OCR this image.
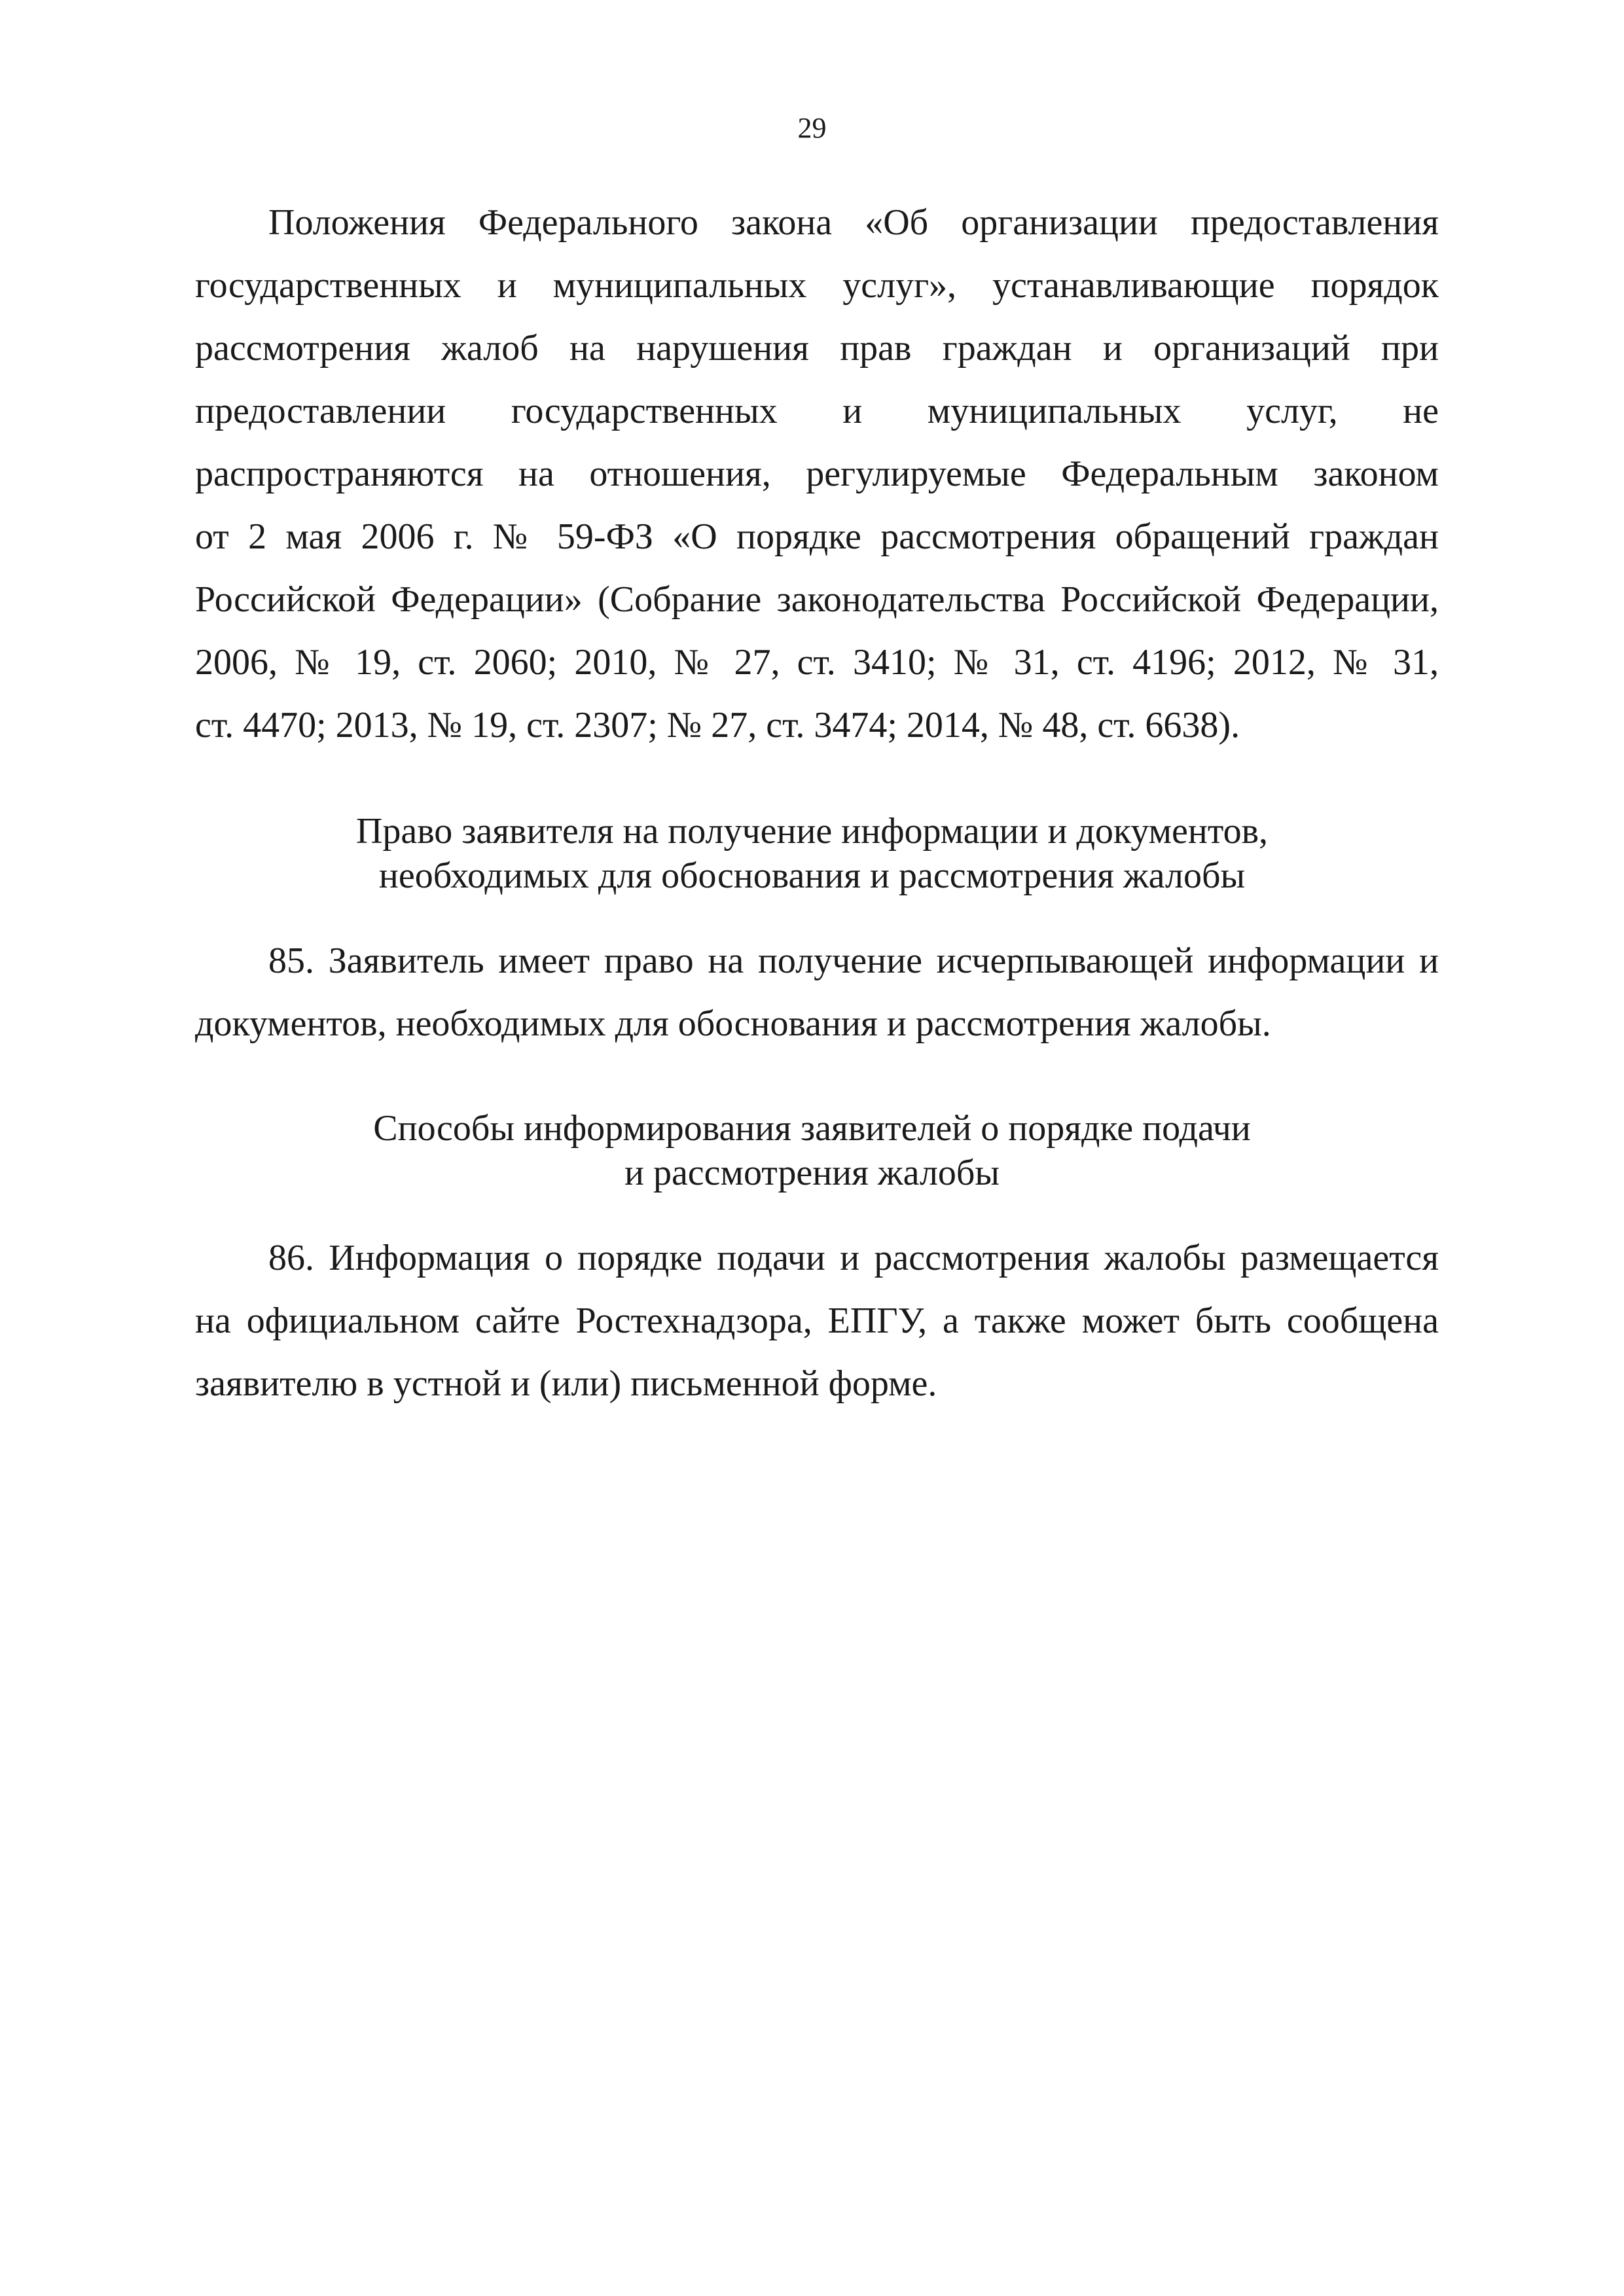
29
Положения Федерального закона «Об организации предоставления
государственных и муниципальных услуг», устанавливающие порядок
рассмотрения жалоб на нарушения прав граждан и организаций при
предоставлении государственных и муниципальных услуг, не
распространяются на отношения, регулируемые Федеральным законом
от 2 мая 2006 г. № 59-ФЗ «О порядке рассмотрения обращений граждан
Российской Федерации» (Собрание законодательства Российской Федерации,
2006, № 19, ст. 2060; 2010, № 27, ст. 3410; № 31, ст. 4196; 2012, № 31,
ст. 4470; 2013, № 19, ст. 2307; № 27, ст. 3474; 2014, № 48, ст. 6638).
Право заявителя на получение информации и документов,
необходимых для обоснования и рассмотрения жалобы
85. Заявитель имеет право на получение исчерпывающей информации и
документов, необходимых для обоснования и рассмотрения жалобы.
Способы информирования заявителей о порядке подачи
и рассмотрения жалобы
86. Информация о порядке подачи и рассмотрения жалобы размещается
на официальном сайте Ростехнадзора, ЕПГУ, а также может быть сообщена
заявителю в устной и (или) письменной форме.
